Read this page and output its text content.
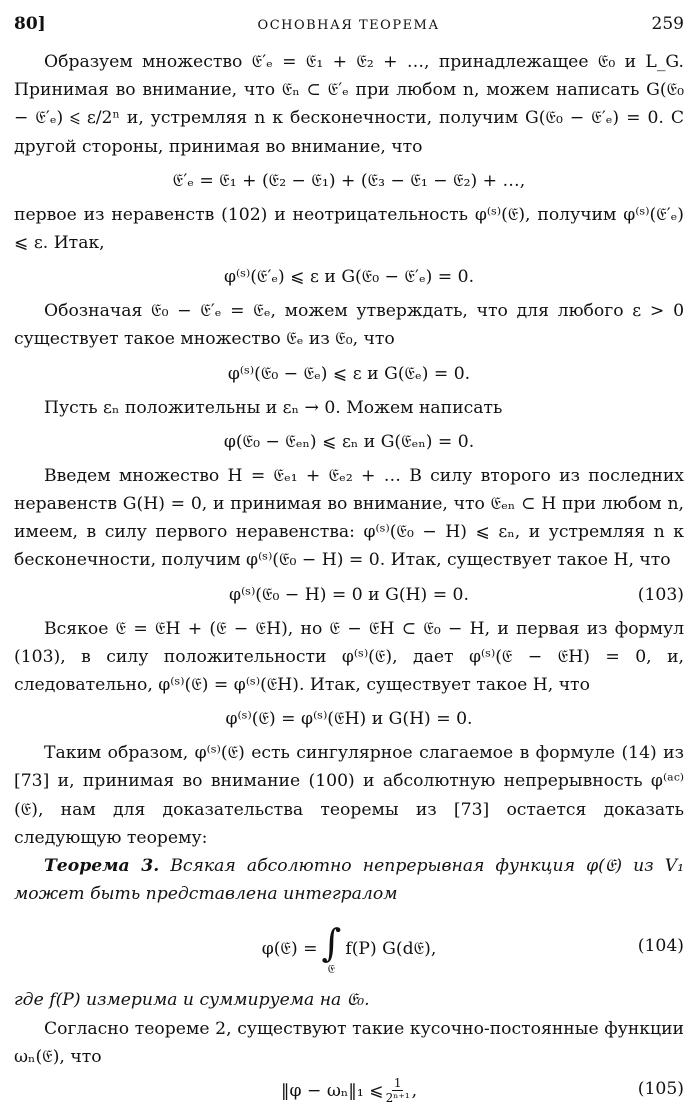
80]	ОСНОВНАЯ ТЕОРЕМА	259

Образуем множество 𝔈′ₑ = 𝔈₁ + 𝔈₂ + …, принадлежащее 𝔈₀ и L_G. Принимая во внимание, что 𝔈ₙ ⊂ 𝔈′ₑ при любом n, можем написать G(𝔈₀ − 𝔈′ₑ) ⩽ ε/2ⁿ и, устремляя n к бесконечности, получим G(𝔈₀ − 𝔈′ₑ) = 0. С другой стороны, принимая во внимание, что

𝔈′ₑ = 𝔈₁ + (𝔈₂ − 𝔈₁) + (𝔈₃ − 𝔈₁ − 𝔈₂) + …,

первое из неравенств (102) и неотрицательность φ⁽ˢ⁾(𝔈), получим φ⁽ˢ⁾(𝔈′ₑ) ⩽ ε. Итак,

φ⁽ˢ⁾(𝔈′ₑ) ⩽ ε и G(𝔈₀ − 𝔈′ₑ) = 0.

Обозначая 𝔈₀ − 𝔈′ₑ = 𝔈ₑ, можем утверждать, что для любого ε > 0 существует такое множество 𝔈ₑ из 𝔈₀, что

φ⁽ˢ⁾(𝔈₀ − 𝔈ₑ) ⩽ ε и G(𝔈ₑ) = 0.

Пусть εₙ положительны и εₙ → 0. Можем написать

φ(𝔈₀ − 𝔈ₑₙ) ⩽ εₙ и G(𝔈ₑₙ) = 0.

Введем множество H = 𝔈ₑ₁ + 𝔈ₑ₂ + … В силу второго из последних неравенств G(H) = 0, и принимая во внимание, что 𝔈ₑₙ ⊂ H при любом n, имеем, в силу первого неравенства: φ⁽ˢ⁾(𝔈₀ − H) ⩽ εₙ, и устремляя n к бесконечности, получим φ⁽ˢ⁾(𝔈₀ − H) = 0. Итак, существует такое H, что

φ⁽ˢ⁾(𝔈₀ − H) = 0 и G(H) = 0.	(103)

Всякое 𝔈 = 𝔈H + (𝔈 − 𝔈H), но 𝔈 − 𝔈H ⊂ 𝔈₀ − H, и первая из формул (103), в силу положительности φ⁽ˢ⁾(𝔈), дает φ⁽ˢ⁾(𝔈 − 𝔈H) = 0, и, следовательно, φ⁽ˢ⁾(𝔈) = φ⁽ˢ⁾(𝔈H). Итак, существует такое H, что

φ⁽ˢ⁾(𝔈) = φ⁽ˢ⁾(𝔈H) и G(H) = 0.

Таким образом, φ⁽ˢ⁾(𝔈) есть сингулярное слагаемое в формуле (14) из [73] и, принимая во внимание (100) и абсолютную непрерывность φ⁽ᵃᶜ⁾(𝔈), нам для доказательства теоремы из [73] остается доказать следующую теорему:

Теорема 3. Всякая абсолютно непрерывная функция φ(𝔈) из V₁ может быть представлена интегралом

φ(𝔈) = ∫
𝔈
f(P) G(d𝔈),	(104)

где f(P) измерима и суммируема на 𝔈₀.

Согласно теореме 2, существуют такие кусочно-постоянные функции ωₙ(𝔈), что

‖φ − ωₙ‖₁ ⩽ $\frac{1}{\text{2ⁿ⁺¹}}$ ,	(105)
